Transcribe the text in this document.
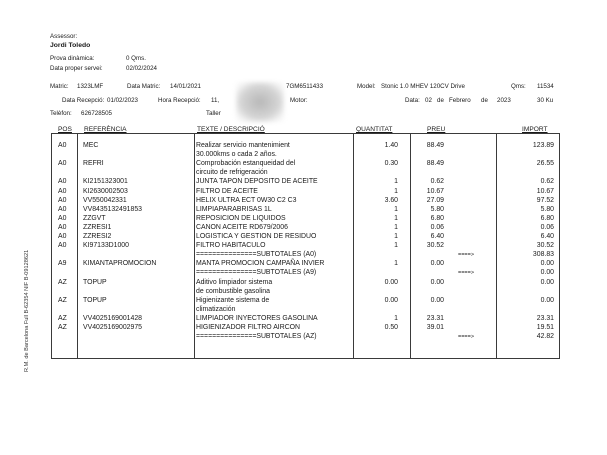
R.M. de Barcelona Full B-62354 NIF B-09128621
Assessor:
Jordi Toledo
Prova dinàmica:	0 Qms.
Data proper servei:	02/02/2024
Matric: 1323LMF	Data Matric: 14/01/2021	7GM6511433	Model: Stonic 1.0 MHEV 120CV Drive	Qms: 11534
Data Recepció: 01/02/2023	Hora Recepció: 11,	Motor:	Data: 02 de Febrero de 2023	30 Ku
Telèfon: 626728505	Taller
POS REFERÈNCIA	TEXTE / DESCRIPCIÓ	QUANTITAT	PREU	IMPORT
A0 MEC	Realizar servicio mantenimient	1.40	88.49	123.89
30.000kms o cada 2 años.
A0 REFRI	Comprobación estanqueidad del	0.30	88.49	26.55
circuito de refrigeración
A0 KI2151323001	JUNTA TAPON DEPOSITO DE ACEITE	1	0.62	0.62
A0 KI2630002503	FILTRO DE ACEITE	1	10.67	10.67
A0 VV550042331	HELIX ULTRA ECT 0W30 C2 C3	3.60	27.09	97.52
A0 VV8435132491853	LIMPIAPARABRISAS 1L	1	5.80	5.80
A0 ZZGVT	REPOSICION DE LIQUIDOS	1	6.80	6.80
A0 ZZRESI1	CANON ACEITE RD679/2006	1	0.06	0.06
A0 ZZRESI2	LOGISTICA Y GESTION DE RESIDUO	1	6.40	6.40
A0 KI97133D1000	FILTRO HABITACULO	1	30.52	30.52
===============SUBTOTALES (A0)	====>	308.83
A9 KIMANTAPROMOCION	MANTA PROMOCION CAMPAÑA INVIER	1	0.00	0.00
===============SUBTOTALES (A9)	====>	0.00
AZ TOPUP	Aditivo limpiador sistema	0.00	0.00	0.00
de combustible gasolina
AZ TOPUP	Higienizante sistema de	0.00	0.00	0.00
climatización
AZ VV4025169001428	LIMPIADOR INYECTORES GASOLINA	1	23.31	23.31
AZ VV4025169002975	HIGIENIZADOR FILTRO AIRCON	0.50	39.01	19.51
===============SUBTOTALES (AZ)	====>	42.82
